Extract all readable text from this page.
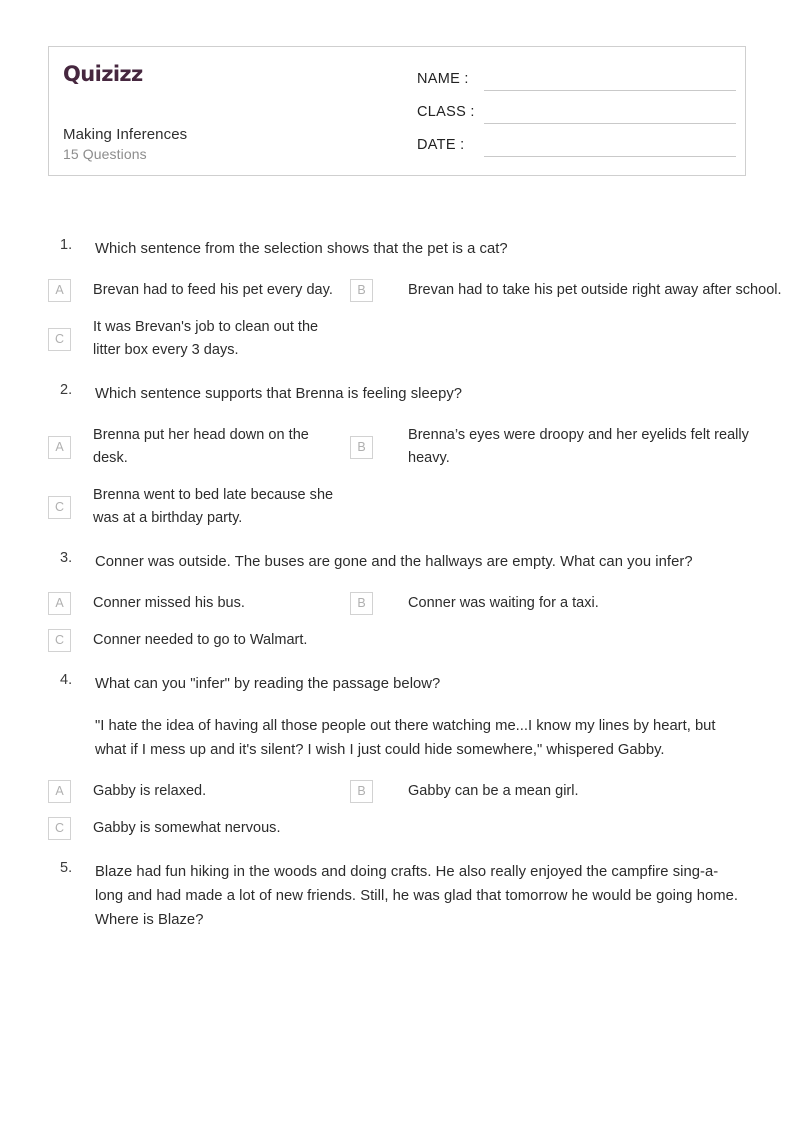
Quizizz
Making Inferences
15 Questions
NAME :
CLASS :
DATE :
1.	Which sentence from the selection shows that the pet is a cat?
A	Brevan had to feed his pet every day.	B	Brevan had to take his pet outside right away after school.
C
It was Brevan's job to clean out the litter box every 3 days.
2.	Which sentence supports that Brenna is feeling sleepy?
A
Brenna put her head down on the desk.
B
Brenna’s eyes were droopy and her eyelids felt really heavy.
C
Brenna went to bed late because she was at a birthday party.
3.	Conner was outside. The buses are gone and the hallways are empty. What can you infer?
A	Conner missed his bus.	B	Conner was waiting for a taxi.
C	Conner needed to go to Walmart.
4.	What can you "infer" by reading the passage below?
"I hate the idea of having all those people out there watching me...I know my lines by heart, but what if I mess up and it's silent? I wish I just could hide somewhere," whispered Gabby.
A	Gabby is relaxed.	B	Gabby can be a mean girl.
C	Gabby is somewhat nervous.
5.	Blaze had fun hiking in the woods and doing crafts. He also really enjoyed the campfire sing-a-long and had made a lot of new friends. Still, he was glad that tomorrow he would be going home.
Where is Blaze?
